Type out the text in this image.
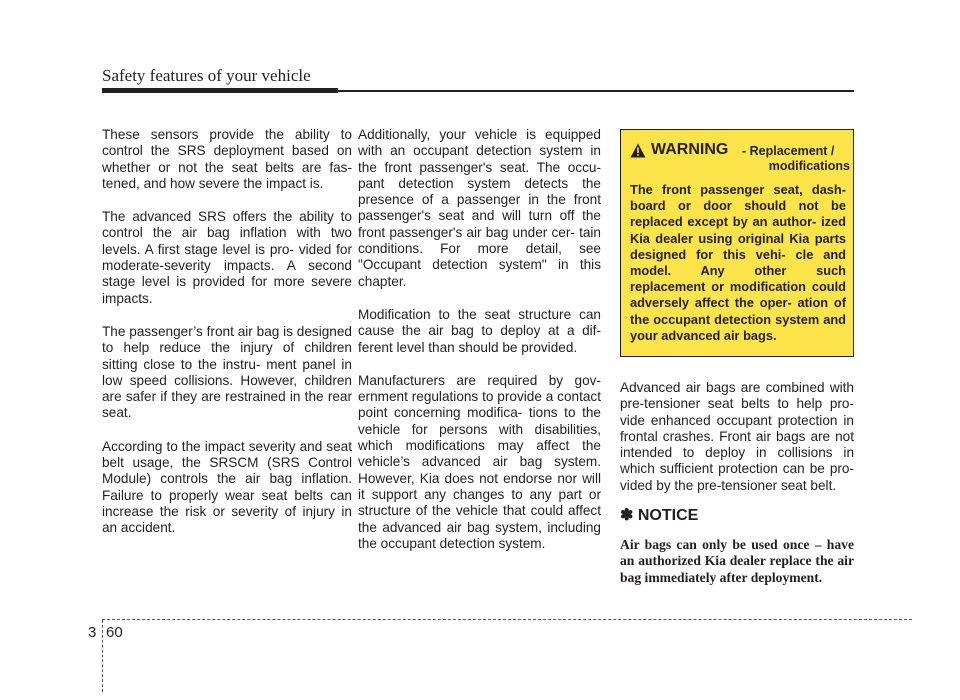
Safety features of your vehicle

These sensors provide the ability to control the SRS deployment based on whether or not the seat belts are fas- tened, and how severe the impact is.

The advanced SRS offers the ability to control the air bag inflation with two levels. A first stage level is pro- vided for moderate-severity impacts. A second stage level is provided for more severe impacts.

The passenger’s front air bag is designed to help reduce the injury of children sitting close to the instru- ment panel in low speed collisions. However, children are safer if they are restrained in the rear seat.

According to the impact severity and seat belt usage, the SRSCM (SRS Control Module) controls the air bag inflation. Failure to properly wear seat belts can increase the risk or severity of injury in an accident.

Additionally, your vehicle is equipped with an occupant detection system in the front passenger's seat. The occu- pant detection system detects the presence of a passenger in the front passenger's seat and will turn off the front passenger's air bag under cer- tain conditions. For more detail, see "Occupant detection system" in this chapter.

Modification to the seat structure can cause the air bag to deploy at a dif- ferent level than should be provided.

Manufacturers are required by gov- ernment regulations to provide a contact point concerning modifica- tions to the vehicle for persons with disabilities, which modifications may affect the vehicle’s advanced air bag system. However, Kia does not endorse nor will it support any changes to any part or structure of the vehicle that could affect the advanced air bag system, including the occupant detection system.

WARNING - Replacement /
modifications
The front passenger seat, dash- board or door should not be replaced except by an author- ized Kia dealer using original Kia parts designed for this vehi- cle and model. Any other such replacement or modification could adversely affect the oper- ation of the occupant detection system and your advanced air bags.

Advanced air bags are combined with pre-tensioner seat belts to help pro- vide enhanced occupant protection in frontal crashes. Front air bags are not intended to deploy in collisions in which sufficient protection can be pro- vided by the pre-tensioner seat belt.

✽ NOTICE
Air bags can only be used once – have an authorized Kia dealer replace the air bag immediately after deployment.
3 60
